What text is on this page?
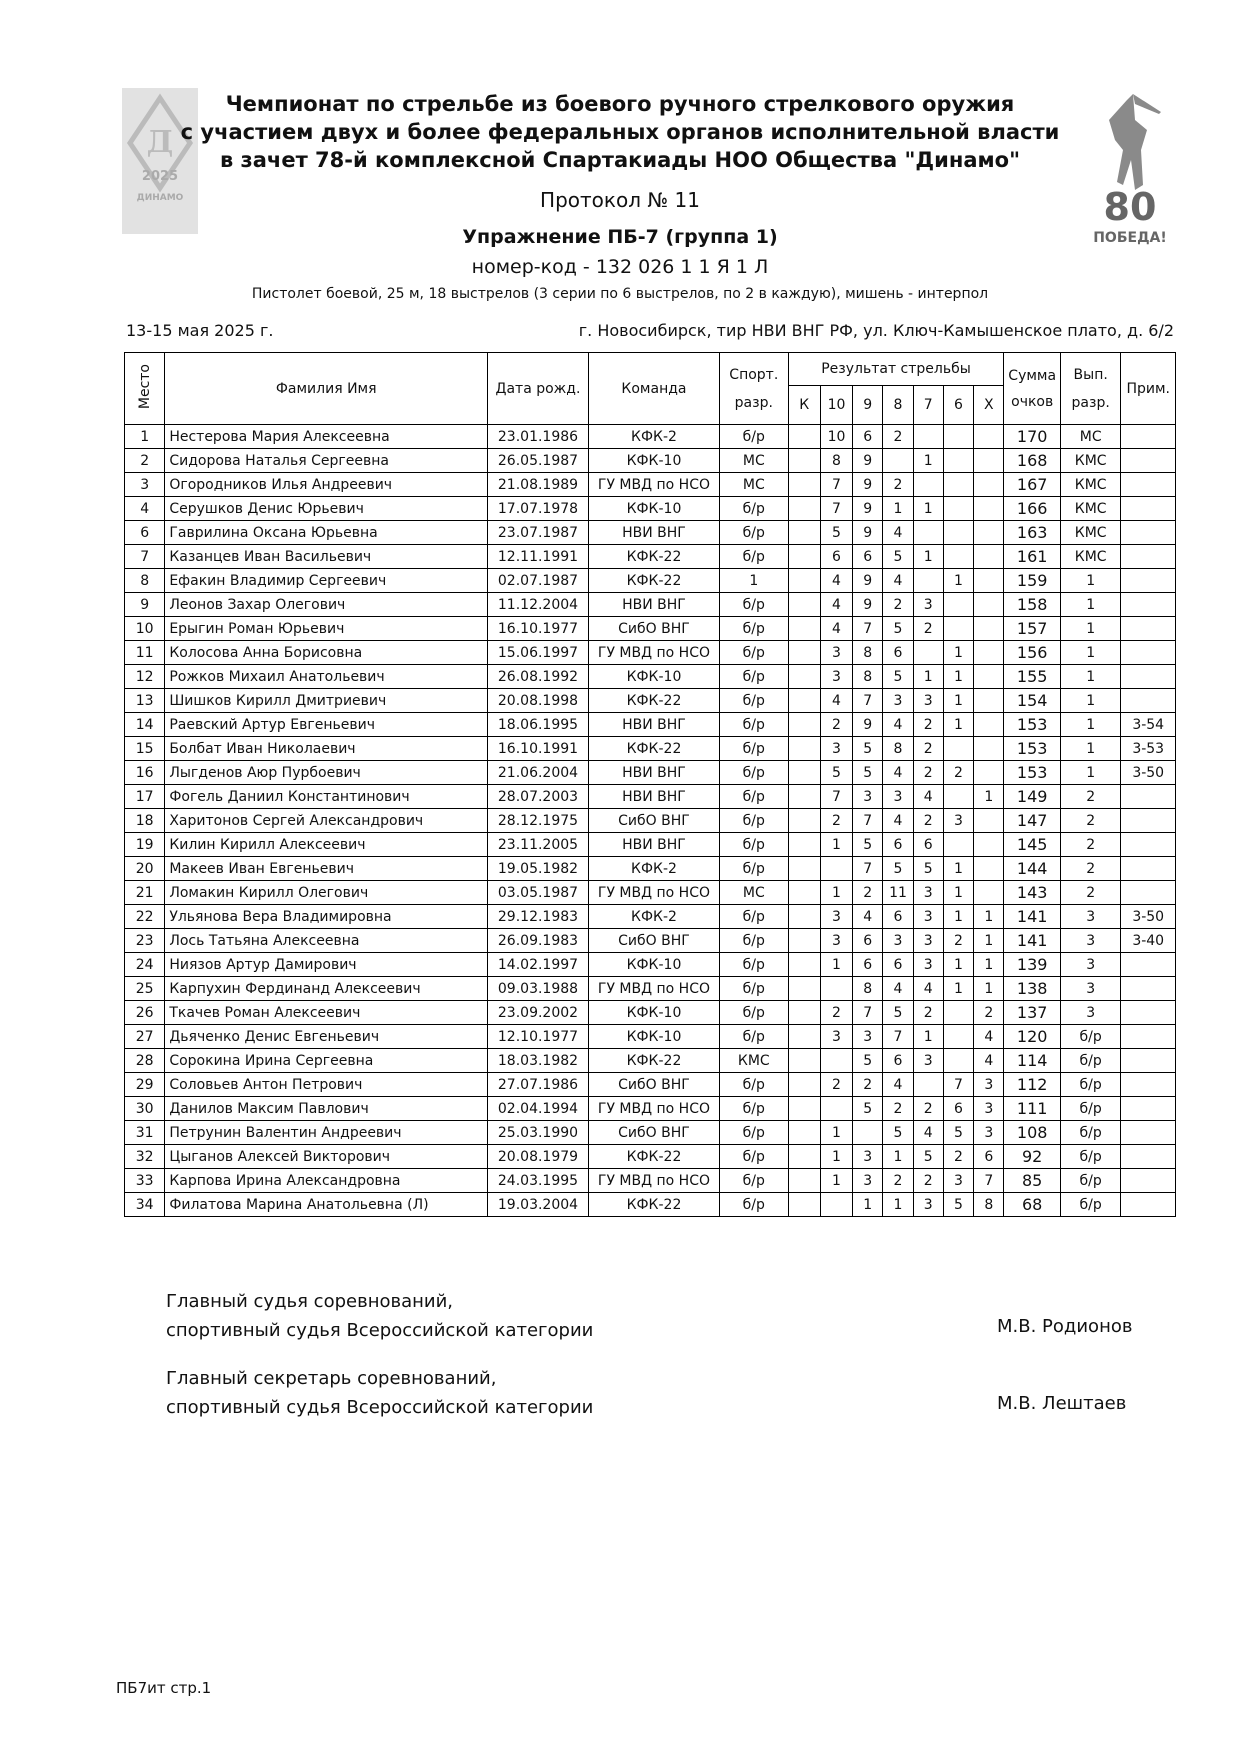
Д
2025
ДИНАМО	80
ПОБЕДА!
Чемпионат по стрельбе из боевого ручного стрелкового оружия
с участием двух и более федеральных органов исполнительной власти
в зачет 78-й комплексной Спартакиады НОО Общества "Динамо"
Протокол № 11
Упражнение ПБ-7 (группа 1)
номер-код - 132 026 1 1 Я 1 Л
Пистолет боевой, 25 м, 18 выстрелов (3 серии по 6 выстрелов, по 2 в каждую), мишень - интерпол
13-15 мая 2025 г.	г. Новосибирск, тир НВИ ВНГ РФ, ул. Ключ-Камышенское плато, д. 6/2
Место	Фамилия Имя	Дата рожд.	Команда	Спорт. разр.	Результат стрельбы							Сумма очков	Вып. разр.	Прим.
					К	10	9	8	7	6	Х			
1	Нестерова Мария Алексеевна	23.01.1986	КФК-2	б/р		10	6	2				170	МС	
2	Сидорова Наталья Сергеевна	26.05.1987	КФК-10	МС		8	9		1			168	КМС	
3	Огородников Илья Андреевич	21.08.1989	ГУ МВД по НСО	МС		7	9	2				167	КМС	
4	Серушков Денис Юрьевич	17.07.1978	КФК-10	б/р		7	9	1	1			166	КМС	
6	Гаврилина Оксана Юрьевна	23.07.1987	НВИ ВНГ	б/р		5	9	4				163	КМС	
7	Казанцев Иван Васильевич	12.11.1991	КФК-22	б/р		6	6	5	1			161	КМС	
8	Ефакин Владимир Сергеевич	02.07.1987	КФК-22	1		4	9	4		1		159	1	
9	Леонов Захар Олегович	11.12.2004	НВИ ВНГ	б/р		4	9	2	3			158	1	
10	Ерыгин Роман Юрьевич	16.10.1977	СибО ВНГ	б/р		4	7	5	2			157	1	
11	Колосова Анна Борисовна	15.06.1997	ГУ МВД по НСО	б/р		3	8	6		1		156	1	
12	Рожков Михаил Анатольевич	26.08.1992	КФК-10	б/р		3	8	5	1	1		155	1	
13	Шишков Кирилл Дмитриевич	20.08.1998	КФК-22	б/р		4	7	3	3	1		154	1	
14	Раевский Артур Евгеньевич	18.06.1995	НВИ ВНГ	б/р		2	9	4	2	1		153	1	3-54
15	Болбат Иван Николаевич	16.10.1991	КФК-22	б/р		3	5	8	2			153	1	3-53
16	Лыгденов Аюр Пурбоевич	21.06.2004	НВИ ВНГ	б/р		5	5	4	2	2		153	1	3-50
17	Фогель Даниил Константинович	28.07.2003	НВИ ВНГ	б/р		7	3	3	4		1	149	2	
18	Харитонов Сергей Александрович	28.12.1975	СибО ВНГ	б/р		2	7	4	2	3		147	2	
19	Килин Кирилл Алексеевич	23.11.2005	НВИ ВНГ	б/р		1	5	6	6			145	2	
20	Макеев Иван Евгеньевич	19.05.1982	КФК-2	б/р			7	5	5	1		144	2	
21	Ломакин Кирилл Олегович	03.05.1987	ГУ МВД по НСО	МС		1	2	11	3	1		143	2	
22	Ульянова Вера Владимировна	29.12.1983	КФК-2	б/р		3	4	6	3	1	1	141	3	3-50
23	Лось Татьяна Алексеевна	26.09.1983	СибО ВНГ	б/р		3	6	3	3	2	1	141	3	3-40
24	Ниязов Артур Дамирович	14.02.1997	КФК-10	б/р		1	6	6	3	1	1	139	3	
25	Карпухин Фердинанд Алексеевич	09.03.1988	ГУ МВД по НСО	б/р			8	4	4	1	1	138	3	
26	Ткачев Роман Алексеевич	23.09.2002	КФК-10	б/р		2	7	5	2		2	137	3	
27	Дьяченко Денис Евгеньевич	12.10.1977	КФК-10	б/р		3	3	7	1		4	120	б/р	
28	Сорокина Ирина Сергеевна	18.03.1982	КФК-22	КМС			5	6	3		4	114	б/р	
29	Соловьев Антон Петрович	27.07.1986	СибО ВНГ	б/р		2	2	4		7	3	112	б/р	
30	Данилов Максим Павлович	02.04.1994	ГУ МВД по НСО	б/р			5	2	2	6	3	111	б/р	
31	Петрунин Валентин Андреевич	25.03.1990	СибО ВНГ	б/р		1		5	4	5	3	108	б/р	
32	Цыганов Алексей Викторович	20.08.1979	КФК-22	б/р		1	3	1	5	2	6	92	б/р	
33	Карпова Ирина Александровна	24.03.1995	ГУ МВД по НСО	б/р		1	3	2	2	3	7	85	б/р	
34	Филатова Марина Анатольевна (Л)	19.03.2004	КФК-22	б/р			1	1	3	5	8	68	б/р	
Главный судья соревнований,
спортивный судья Всероссийской категории	М.В. Родионов
Главный секретарь соревнований,
спортивный судья Всероссийской категории	М.В. Лештаев
ПБ7ит стр.1
